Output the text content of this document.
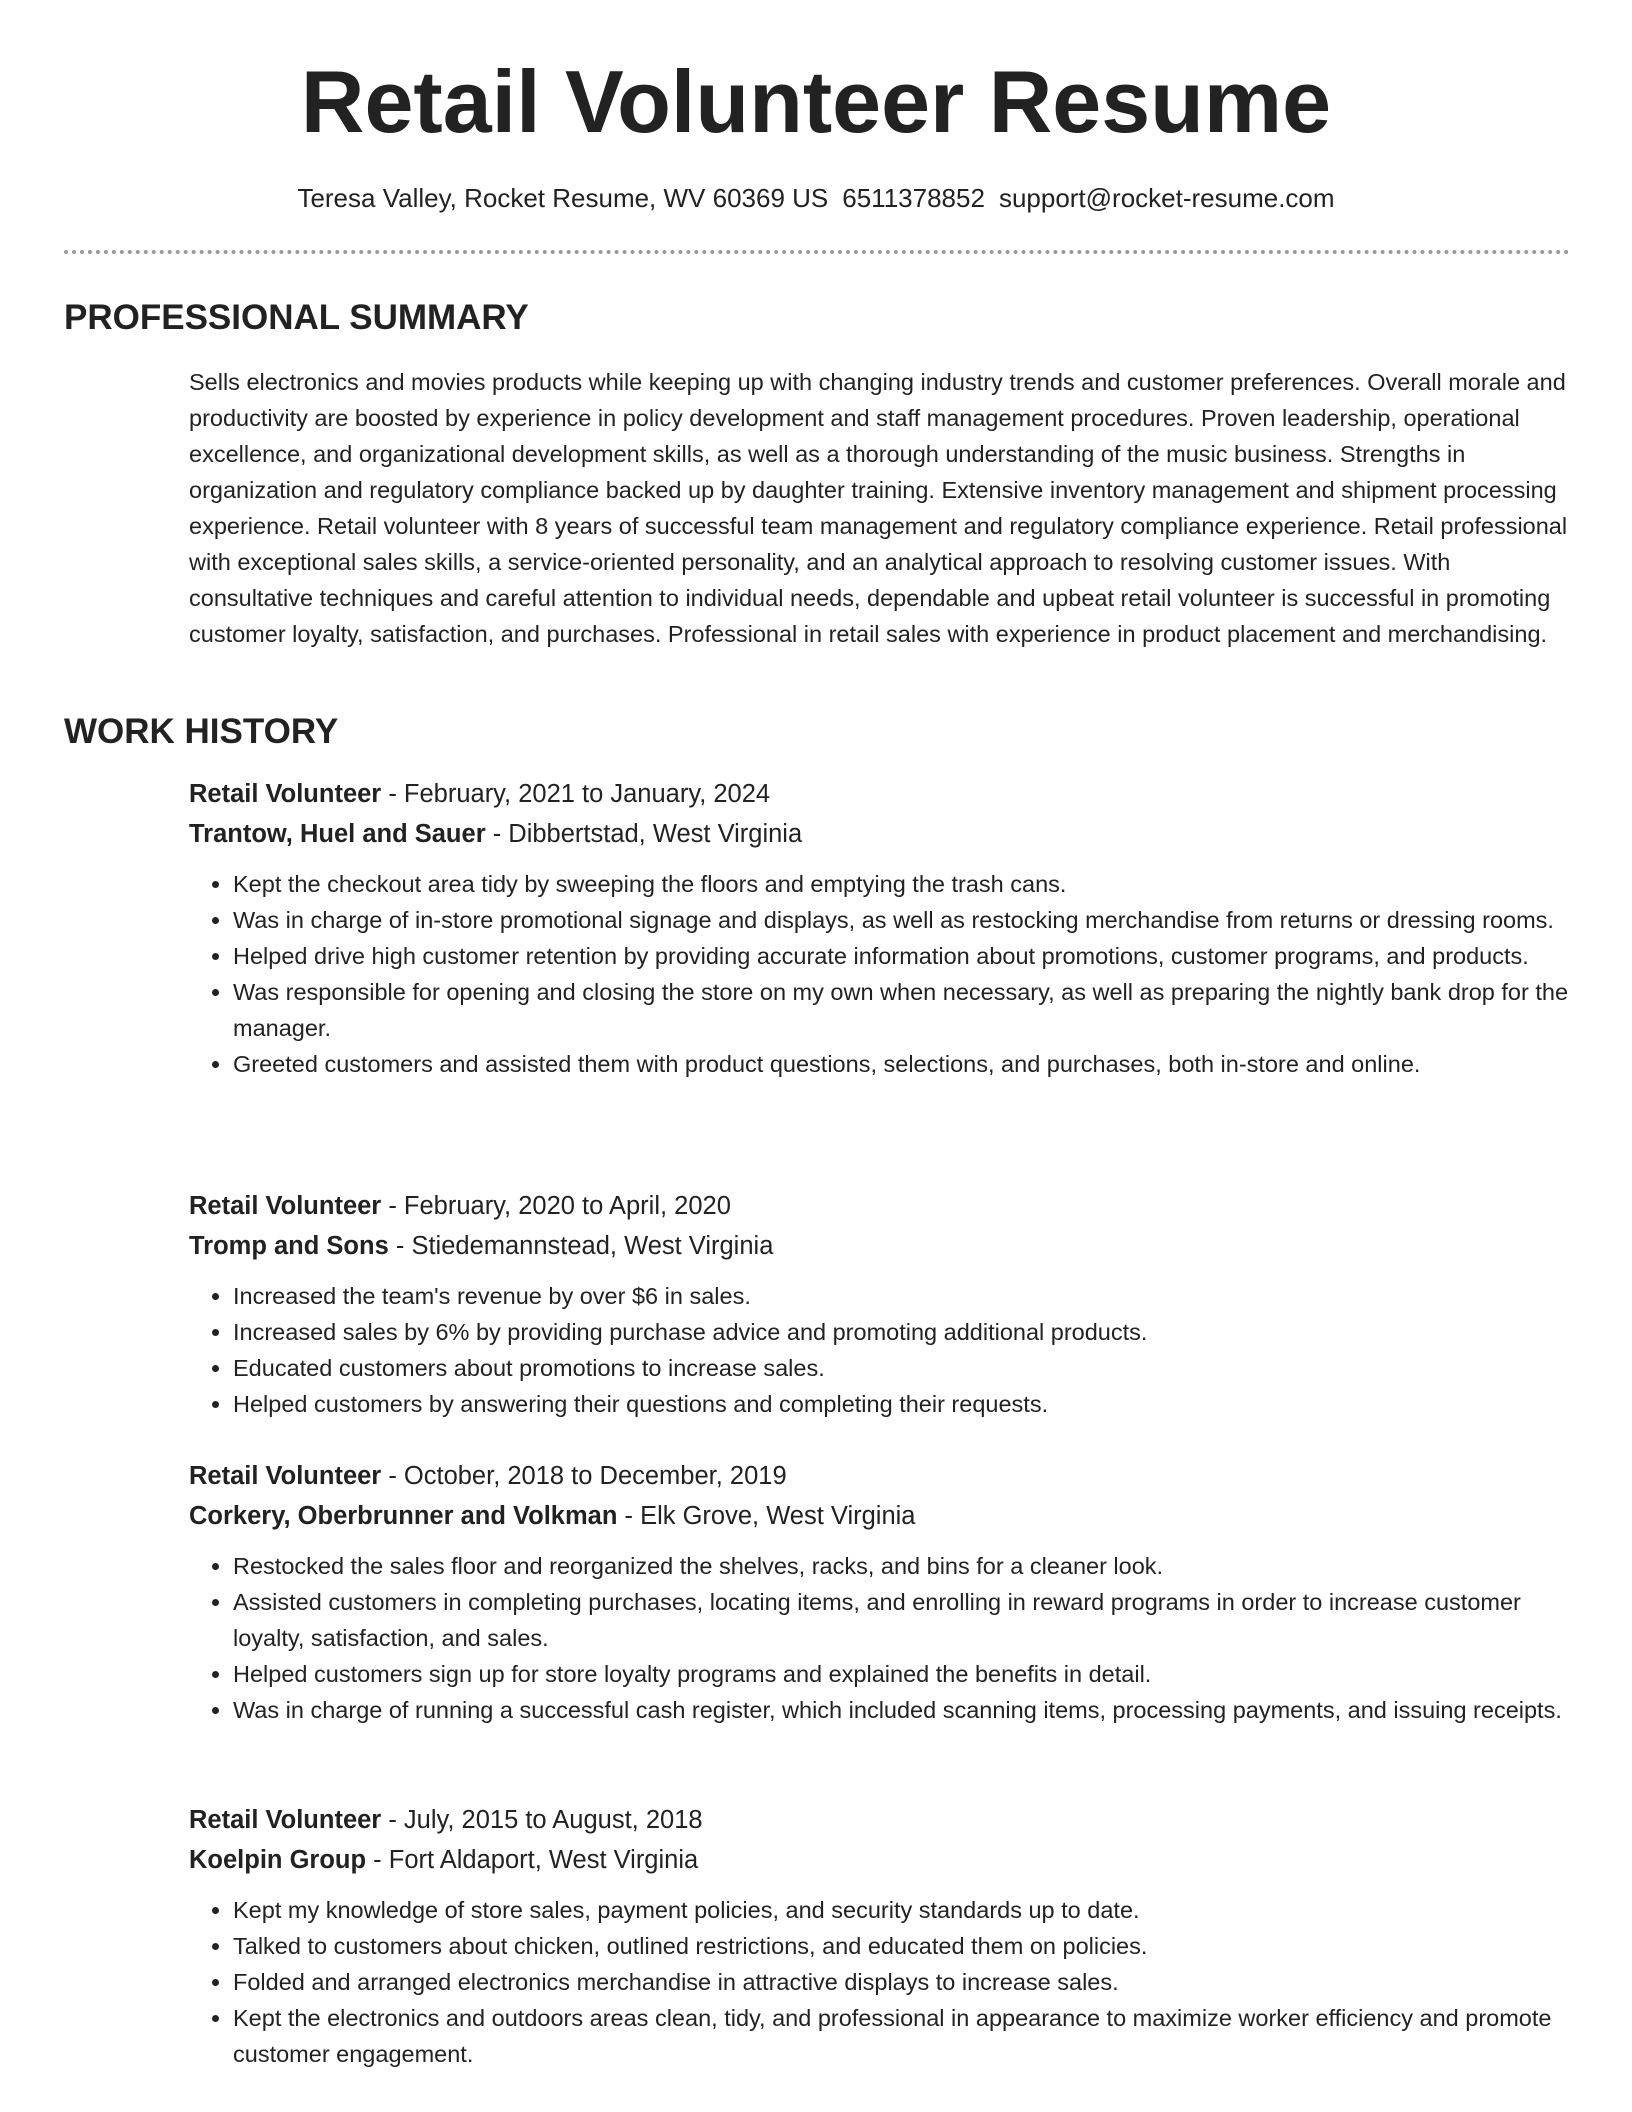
Retail Volunteer Resume
Teresa Valley, Rocket Resume, WV 60369 US 6511378852 support@rocket-resume.com
PROFESSIONAL SUMMARY

Sells electronics and movies products while keeping up with changing industry trends and customer preferences. Overall morale and productivity are boosted by experience in policy development and staff management procedures. Proven leadership, operational excellence, and organizational development skills, as well as a thorough understanding of the music business. Strengths in organization and regulatory compliance backed up by daughter training. Extensive inventory management and shipment processing experience. Retail volunteer with 8 years of successful team management and regulatory compliance experience. Retail professional with exceptional sales skills, a service-oriented personality, and an analytical approach to resolving customer issues. With consultative techniques and careful attention to individual needs, dependable and upbeat retail volunteer is successful in promoting customer loyalty, satisfaction, and purchases. Professional in retail sales with experience in product placement and merchandising.

WORK HISTORY
Retail Volunteer - February, 2021 to January, 2024
Trantow, Huel and Sauer - Dibbertstad, West Virginia
• Kept the checkout area tidy by sweeping the floors and emptying the trash cans.
• Was in charge of in-store promotional signage and displays, as well as restocking merchandise from returns or dressing rooms.
• Helped drive high customer retention by providing accurate information about promotions, customer programs, and products.
• Was responsible for opening and closing the store on my own when necessary, as well as preparing the nightly bank drop for the manager.
• Greeted customers and assisted them with product questions, selections, and purchases, both in-store and online.
Retail Volunteer - February, 2020 to April, 2020
Tromp and Sons - Stiedemannstead, West Virginia
• Increased the team's revenue by over $6 in sales.
• Increased sales by 6% by providing purchase advice and promoting additional products.
• Educated customers about promotions to increase sales.
• Helped customers by answering their questions and completing their requests.
Retail Volunteer - October, 2018 to December, 2019
Corkery, Oberbrunner and Volkman - Elk Grove, West Virginia
• Restocked the sales floor and reorganized the shelves, racks, and bins for a cleaner look.
• Assisted customers in completing purchases, locating items, and enrolling in reward programs in order to increase customer loyalty, satisfaction, and sales.
• Helped customers sign up for store loyalty programs and explained the benefits in detail.
• Was in charge of running a successful cash register, which included scanning items, processing payments, and issuing receipts.
Retail Volunteer - July, 2015 to August, 2018
Koelpin Group - Fort Aldaport, West Virginia
• Kept my knowledge of store sales, payment policies, and security standards up to date.
• Talked to customers about chicken, outlined restrictions, and educated them on policies.
• Folded and arranged electronics merchandise in attractive displays to increase sales.
• Kept the electronics and outdoors areas clean, tidy, and professional in appearance to maximize worker efficiency and promote customer engagement.
